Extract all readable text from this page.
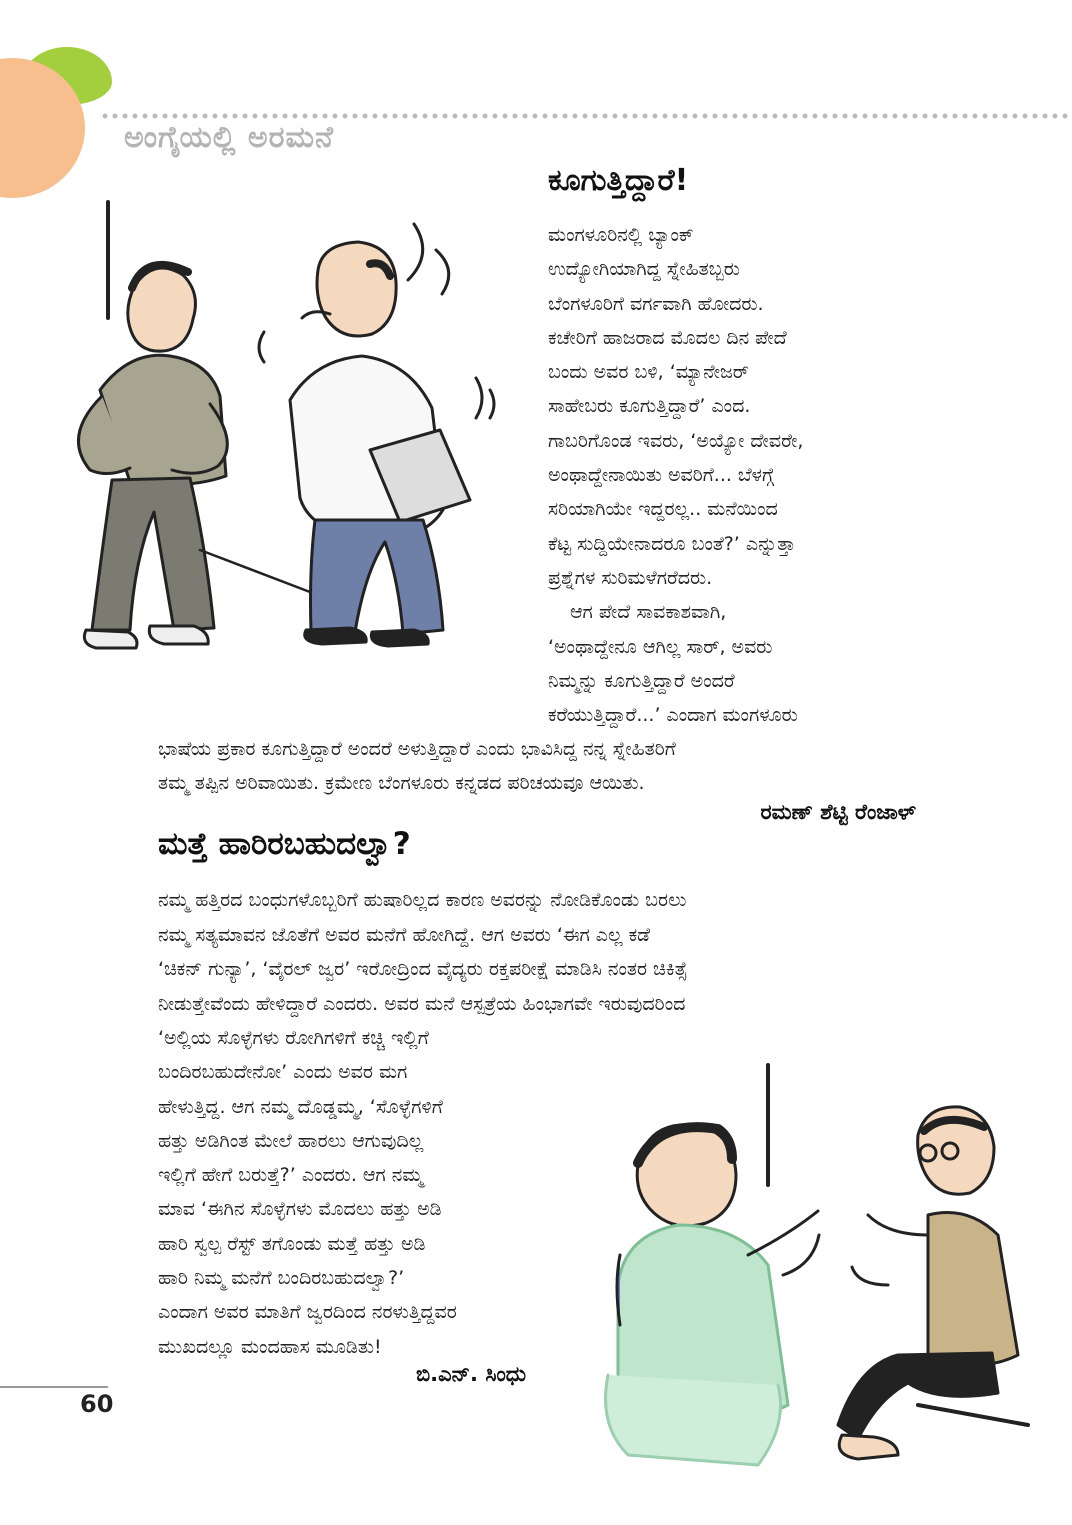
ಅಂಗೈಯಲ್ಲಿ ಅರಮನೆ
ಕೂಗುತ್ತಿದ್ದಾರೆ!
ಮಂಗಳೂರಿನಲ್ಲಿ ಬ್ಯಾಂಕ್
ಉದ್ಯೋಗಿಯಾಗಿದ್ದ ಸ್ನೇಹಿತಬ್ಬರು
ಬೆಂಗಳೂರಿಗೆ ವರ್ಗವಾಗಿ ಹೋದರು.
ಕಚೇರಿಗೆ ಹಾಜರಾದ ಮೊದಲ ದಿನ ಪೇದೆ
ಬಂದು ಅವರ ಬಳಿ, ‘ಮ್ಯಾನೇಜರ್
ಸಾಹೇಬರು ಕೂಗುತ್ತಿದ್ದಾರೆ’ ಎಂದ.
ಗಾಬರಿಗೊಂಡ ಇವರು, ‘ಅಯ್ಯೋ ದೇವರೇ,
ಅಂಥಾದ್ದೇನಾಯಿತು ಅವರಿಗೆ... ಬೆಳಗ್ಗೆ
ಸರಿಯಾಗಿಯೇ ಇದ್ದರಲ್ಲ.. ಮನೆಯಿಂದ
ಕೆಟ್ಟ ಸುದ್ದಿಯೇನಾದರೂ ಬಂತೆ?’ ಎನ್ನುತ್ತಾ
ಪ್ರಶ್ನೆಗಳ ಸುರಿಮಳೆಗರೆದರು.
ಆಗ ಪೇದೆ ಸಾವಕಾಶವಾಗಿ,
‘ಅಂಥಾದ್ದೇನೂ ಆಗಿಲ್ಲ ಸಾರ್, ಅವರು
ನಿಮ್ಮನ್ನು ಕೂಗುತ್ತಿದ್ದಾರೆ ಅಂದರೆ
ಕರೆಯುತ್ತಿದ್ದಾರೆ...’ ಎಂದಾಗ ಮಂಗಳೂರು
ಭಾಷೆಯ ಪ್ರಕಾರ ಕೂಗುತ್ತಿದ್ದಾರೆ ಅಂದರೆ ಅಳುತ್ತಿದ್ದಾರೆ ಎಂದು ಭಾವಿಸಿದ್ದ ನನ್ನ ಸ್ನೇಹಿತರಿಗೆ
ತಮ್ಮ ತಪ್ಪಿನ ಅರಿವಾಯಿತು. ಕ್ರಮೇಣ ಬೆಂಗಳೂರು ಕನ್ನಡದ ಪರಿಚಯವೂ ಆಯಿತು.
ರಮಣ್ ಶೆಟ್ಟಿ ರೆಂಜಾಳ್
ಮತ್ತೆ ಹಾರಿರಬಹುದಲ್ವಾ?
ನಮ್ಮ ಹತ್ತಿರದ ಬಂಧುಗಳೊಬ್ಬರಿಗೆ ಹುಷಾರಿಲ್ಲದ ಕಾರಣ ಅವರನ್ನು ನೋಡಿಕೊಂಡು ಬರಲು
ನಮ್ಮ ಸತ್ಯಮಾವನ ಜೊತೆಗೆ ಅವರ ಮನೆಗೆ ಹೋಗಿದ್ದೆ. ಆಗ ಅವರು ‘ಈಗ ಎಲ್ಲ ಕಡೆ
‘ಚಿಕನ್ ಗುನ್ಯಾ’, ‘ವೈರಲ್ ಜ್ವರ’ ಇರೋದ್ರಿಂದ ವೈದ್ಯರು ರಕ್ತಪರೀಕ್ಷೆ ಮಾಡಿಸಿ ನಂತರ ಚಿಕಿತ್ಸೆ
ನೀಡುತ್ತೇವೆಂದು ಹೇಳಿದ್ದಾರೆ ಎಂದರು. ಅವರ ಮನೆ ಆಸ್ಪತ್ರೆಯ ಹಿಂಭಾಗವೇ ಇರುವುದರಿಂದ
‘ಅಲ್ಲಿಯ ಸೊಳ್ಳೆಗಳು ರೋಗಿಗಳಿಗೆ ಕಚ್ಚಿ ಇಲ್ಲಿಗೆ
ಬಂದಿರಬಹುದೇನೋ’ ಎಂದು ಅವರ ಮಗ
ಹೇಳುತ್ತಿದ್ದ. ಆಗ ನಮ್ಮ ದೊಡ್ಡಮ್ಮ, ‘ಸೊಳ್ಳೆಗಳಿಗೆ
ಹತ್ತು ಅಡಿಗಿಂತ ಮೇಲೆ ಹಾರಲು ಆಗುವುದಿಲ್ಲ
ಇಲ್ಲಿಗೆ ಹೇಗೆ ಬರುತ್ತೆ?’ ಎಂದರು. ಆಗ ನಮ್ಮ
ಮಾವ ‘ಈಗಿನ ಸೊಳ್ಳೆಗಳು ಮೊದಲು ಹತ್ತು ಅಡಿ
ಹಾರಿ ಸ್ವಲ್ಪ ರೆಸ್ಟ್ ತಗೊಂಡು ಮತ್ತೆ ಹತ್ತು ಅಡಿ
ಹಾರಿ ನಿಮ್ಮ ಮನೆಗೆ ಬಂದಿರಬಹುದಲ್ವಾ?’
ಎಂದಾಗ ಅವರ ಮಾತಿಗೆ ಜ್ವರದಿಂದ ನರಳುತ್ತಿದ್ದವರ
ಮುಖದಲ್ಲೂ ಮಂದಹಾಸ ಮೂಡಿತು!
ಬಿ.ಎನ್. ಸಿಂಧು
60
